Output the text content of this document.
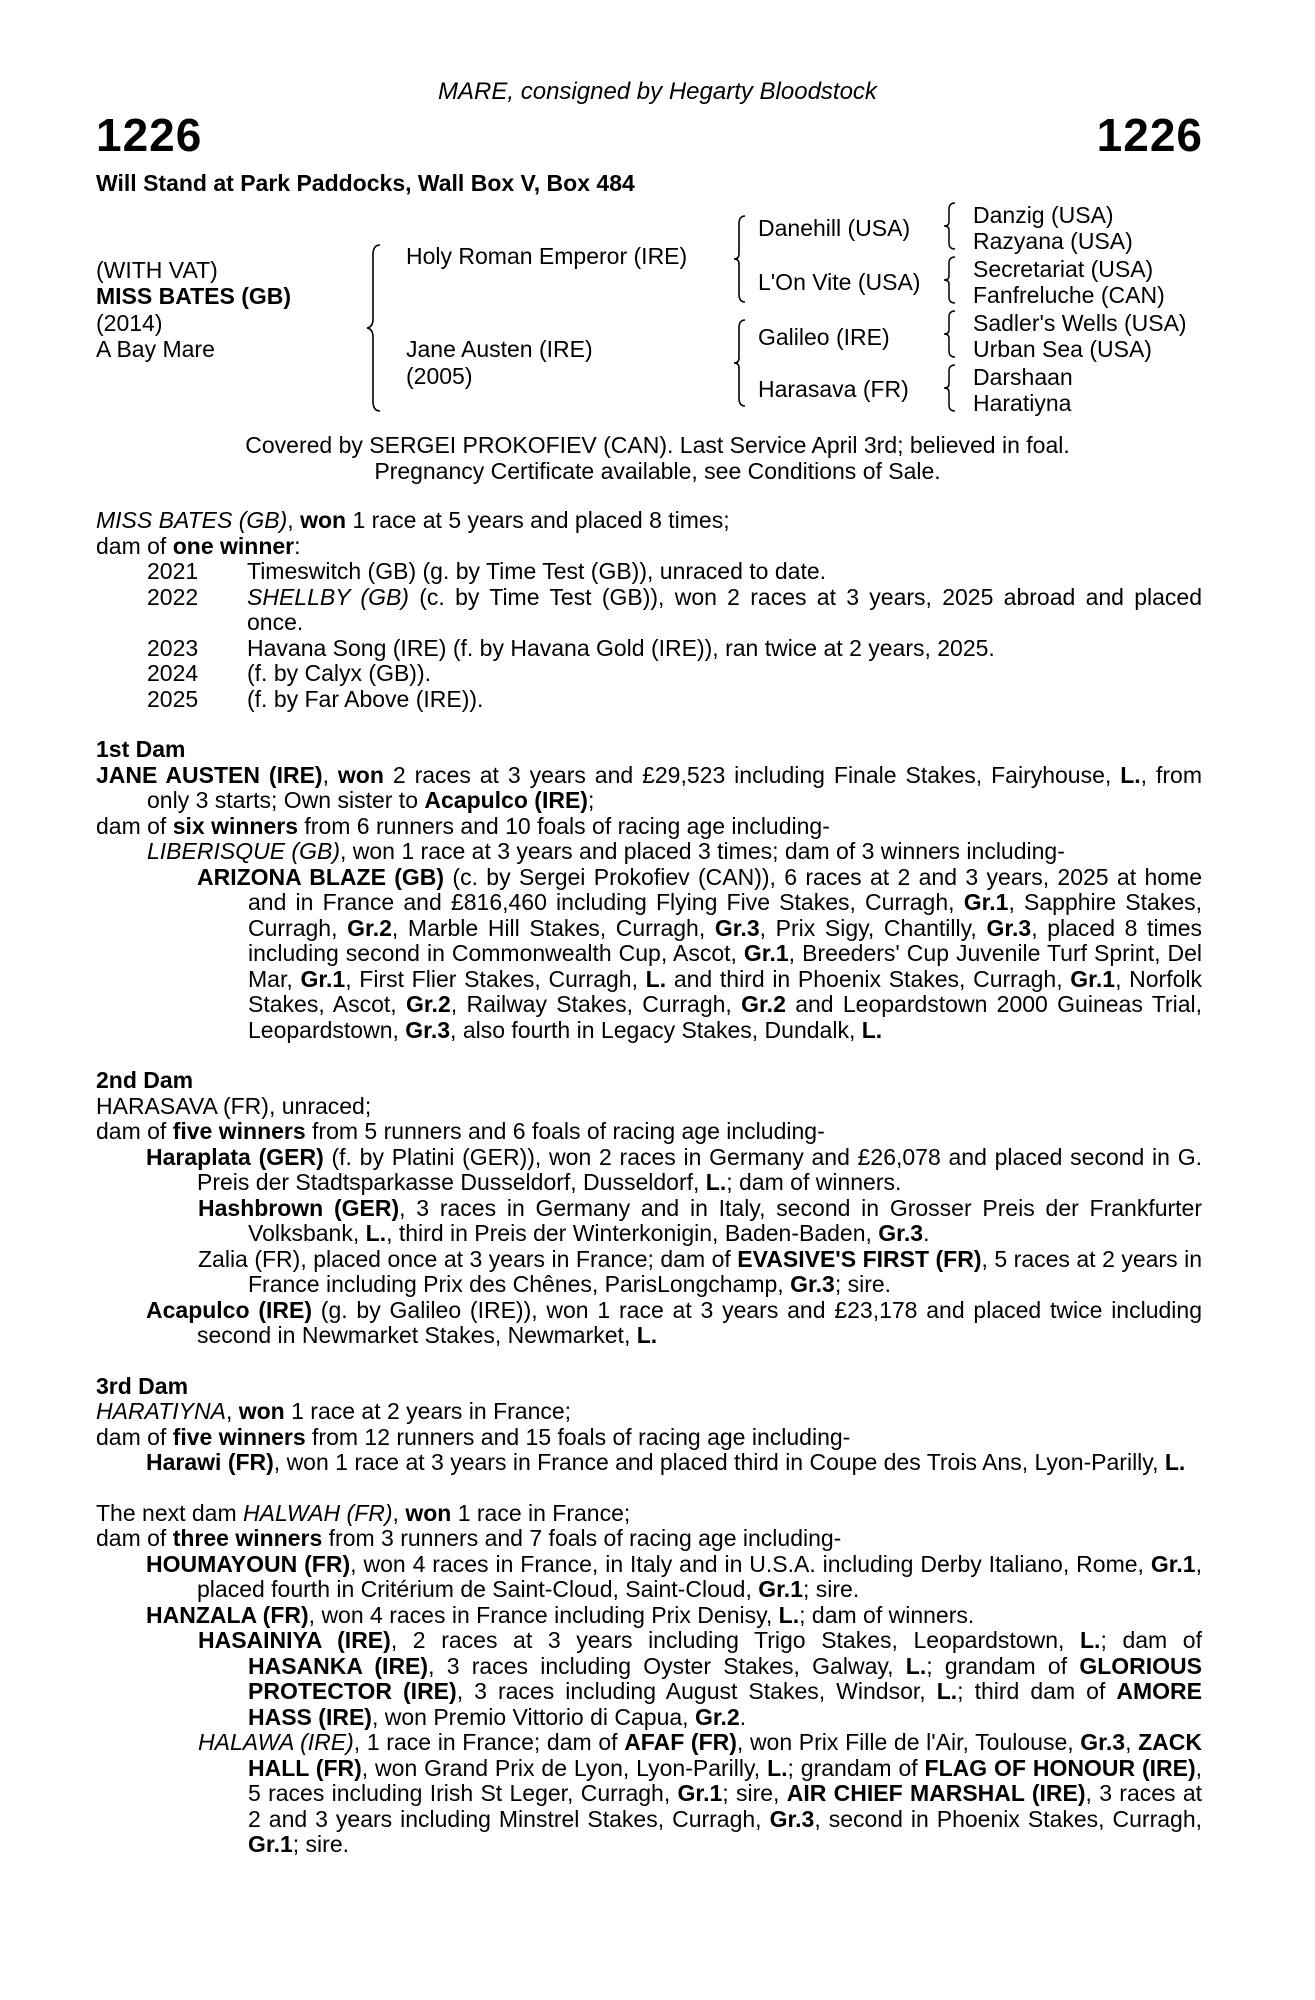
MARE, consigned by Hegarty Bloodstock
1226	1226
Will Stand at Park Paddocks, Wall Box V, Box 484
(WITH VAT)
MISS BATES (GB)
(2014)
A Bay Mare
Holy Roman Emperor (IRE)
Jane Austen (IRE)
(2005)
Danehill (USA)
L'On Vite (USA)
Galileo (IRE)
Harasava (FR)
Danzig (USA)
Razyana (USA)
Secretariat (USA)
Fanfreluche (CAN)
Sadler's Wells (USA)
Urban Sea (USA)
Darshaan
Haratiyna
Covered by SERGEI PROKOFIEV (CAN). Last Service April 3rd; believed in foal.
Pregnancy Certificate available, see Conditions of Sale.

MISS BATES (GB), won 1 race at 5 years and placed 8 times;

dam of one winner:

2021	Timeswitch (GB) (g. by Time Test (GB)), unraced to date.
2022	SHELLBY (GB) (c. by Time Test (GB)), won 2 races at 3 years, 2025 abroad and placed once.
2023	Havana Song (IRE) (f. by Havana Gold (IRE)), ran twice at 2 years, 2025.
2024	(f. by Calyx (GB)).
2025	(f. by Far Above (IRE)).

1st Dam

JANE AUSTEN (IRE), won 2 races at 3 years and £29,523 including Finale Stakes, Fairyhouse, L., from only 3 starts; Own sister to Acapulco (IRE);

dam of six winners from 6 runners and 10 foals of racing age including-

LIBERISQUE (GB), won 1 race at 3 years and placed 3 times; dam of 3 winners including-

ARIZONA BLAZE (GB) (c. by Sergei Prokofiev (CAN)), 6 races at 2 and 3 years, 2025 at home and in France and £816,460 including Flying Five Stakes, Curragh, Gr.1, Sapphire Stakes, Curragh, Gr.2, Marble Hill Stakes, Curragh, Gr.3, Prix Sigy, Chantilly, Gr.3, placed 8 times including second in Commonwealth Cup, Ascot, Gr.1, Breeders' Cup Juvenile Turf Sprint, Del Mar, Gr.1, First Flier Stakes, Curragh, L. and third in Phoenix Stakes, Curragh, Gr.1, Norfolk Stakes, Ascot, Gr.2, Railway Stakes, Curragh, Gr.2 and Leopardstown 2000 Guineas Trial, Leopardstown, Gr.3, also fourth in Legacy Stakes, Dundalk, L.

2nd Dam

HARASAVA (FR), unraced;

dam of five winners from 5 runners and 6 foals of racing age including-

Haraplata (GER) (f. by Platini (GER)), won 2 races in Germany and £26,078 and placed second in G. Preis der Stadtsparkasse Dusseldorf, Dusseldorf, L.; dam of winners.

Hashbrown (GER), 3 races in Germany and in Italy, second in Grosser Preis der Frankfurter Volksbank, L., third in Preis der Winterkonigin, Baden-Baden, Gr.3.

Zalia (FR), placed once at 3 years in France; dam of EVASIVE'S FIRST (FR), 5 races at 2 years in France including Prix des Chênes, ParisLongchamp, Gr.3; sire.

Acapulco (IRE) (g. by Galileo (IRE)), won 1 race at 3 years and £23,178 and placed twice including second in Newmarket Stakes, Newmarket, L.

3rd Dam

HARATIYNA, won 1 race at 2 years in France;

dam of five winners from 12 runners and 15 foals of racing age including-

Harawi (FR), won 1 race at 3 years in France and placed third in Coupe des Trois Ans, Lyon-Parilly, L.

The next dam HALWAH (FR), won 1 race in France;

dam of three winners from 3 runners and 7 foals of racing age including-

HOUMAYOUN (FR), won 4 races in France, in Italy and in U.S.A. including Derby Italiano, Rome, Gr.1, placed fourth in Critérium de Saint-Cloud, Saint-Cloud, Gr.1; sire.

HANZALA (FR), won 4 races in France including Prix Denisy, L.; dam of winners.

HASAINIYA (IRE), 2 races at 3 years including Trigo Stakes, Leopardstown, L.; dam of HASANKA (IRE), 3 races including Oyster Stakes, Galway, L.; grandam of GLORIOUS PROTECTOR (IRE), 3 races including August Stakes, Windsor, L.; third dam of AMORE HASS (IRE), won Premio Vittorio di Capua, Gr.2.

HALAWA (IRE), 1 race in France; dam of AFAF (FR), won Prix Fille de l'Air, Toulouse, Gr.3, ZACK HALL (FR), won Grand Prix de Lyon, Lyon-Parilly, L.; grandam of FLAG OF HONOUR (IRE), 5 races including Irish St Leger, Curragh, Gr.1; sire, AIR CHIEF MARSHAL (IRE), 3 races at 2 and 3 years including Minstrel Stakes, Curragh, Gr.3, second in Phoenix Stakes, Curragh, Gr.1; sire.
